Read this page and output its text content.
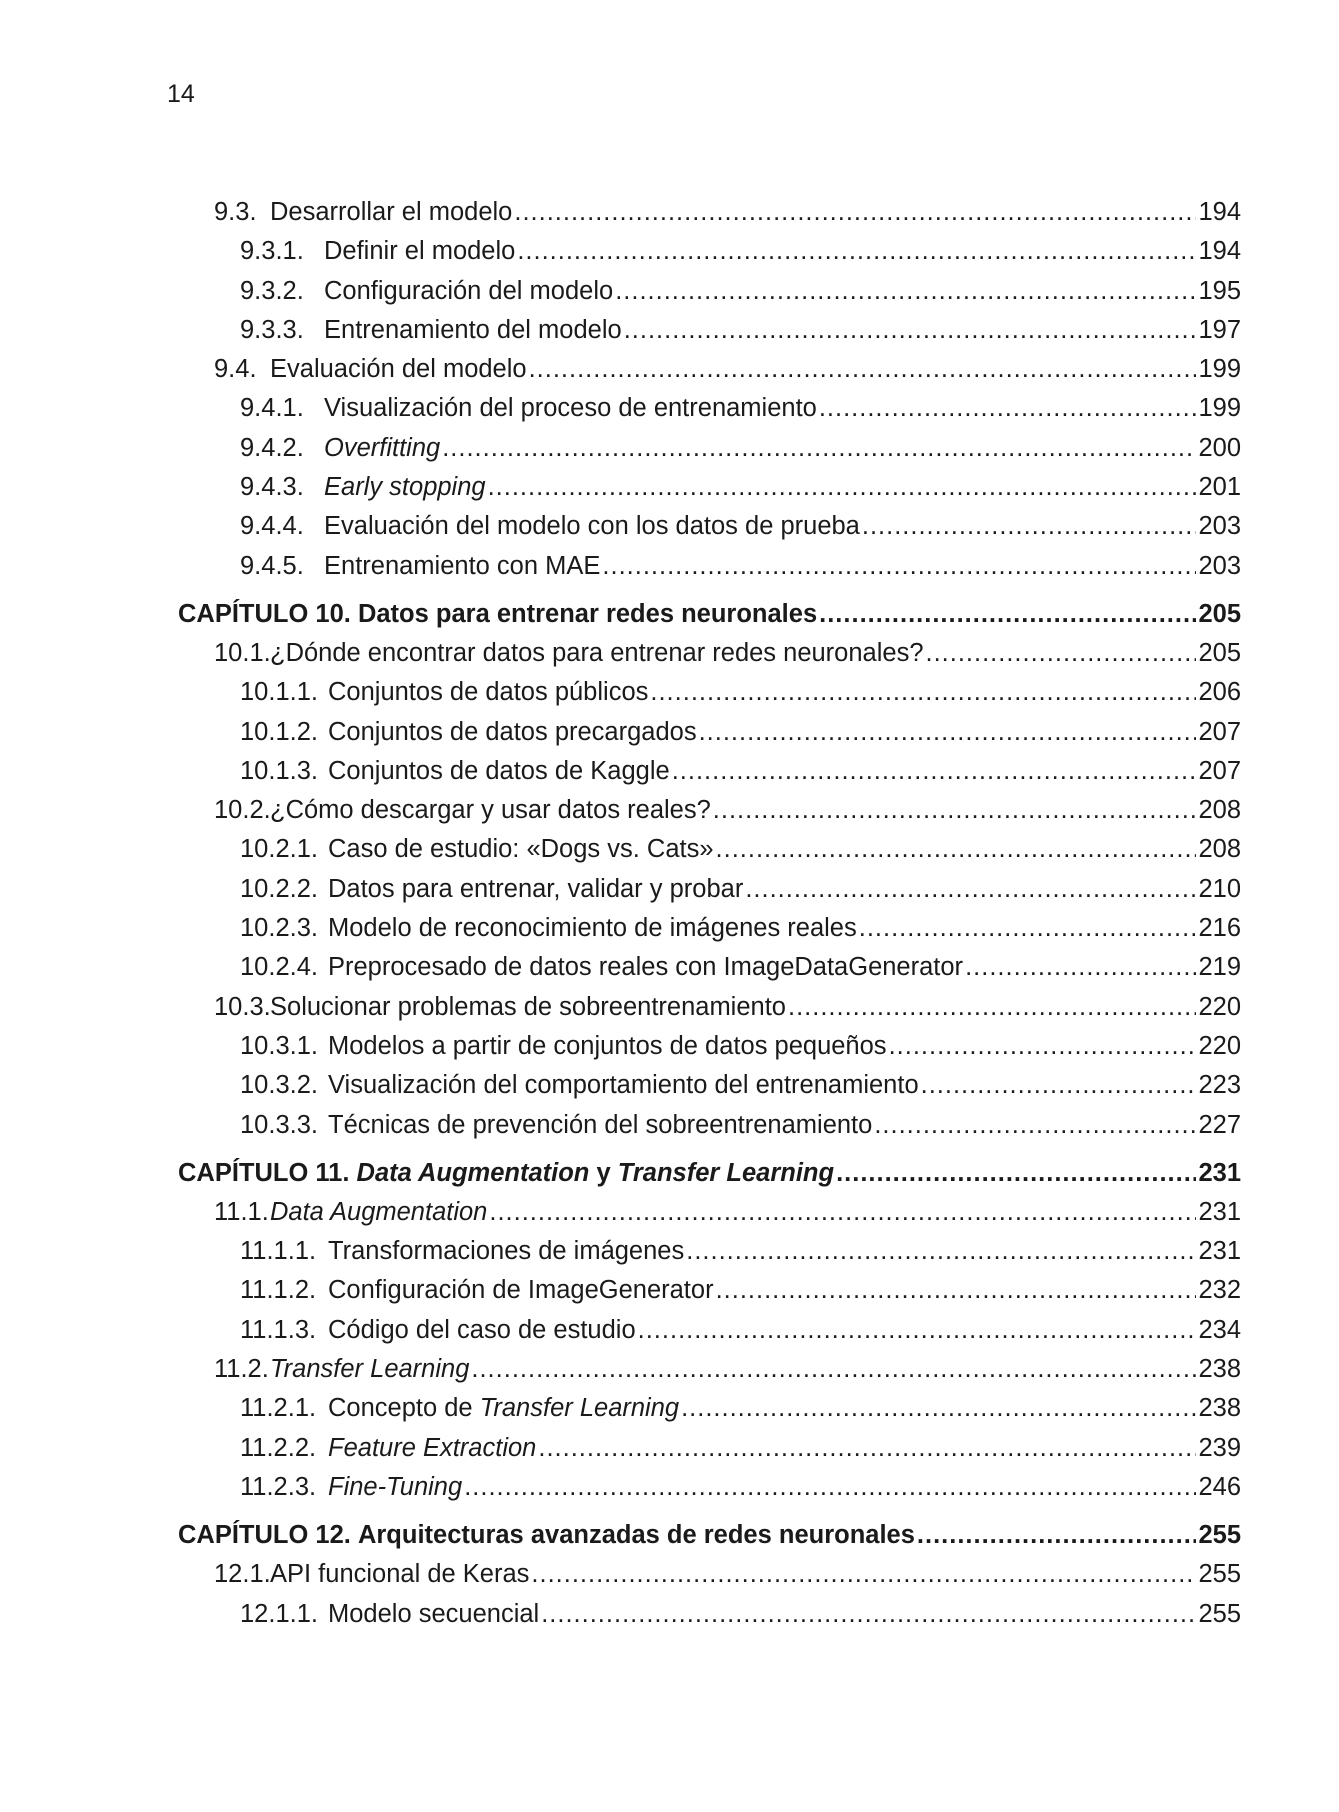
14
9.3. Desarrollar el modelo .....	194
9.3.1. Definir el modelo .....	194
9.3.2. Configuración del modelo .....	195
9.3.3. Entrenamiento del modelo .....	197
9.4. Evaluación del modelo .....	199
9.4.1. Visualización del proceso de entrenamiento .....	199
9.4.2. Overfitting .....	200
9.4.3. Early stopping .....	201
9.4.4. Evaluación del modelo con los datos de prueba .....	203
9.4.5. Entrenamiento con MAE .....	203
CAPÍTULO 10. Datos para entrenar redes neuronales .....	205
10.1. ¿Dónde encontrar datos para entrenar redes neuronales? .....	205
10.1.1. Conjuntos de datos públicos .....	206
10.1.2. Conjuntos de datos precargados .....	207
10.1.3. Conjuntos de datos de Kaggle .....	207
10.2. ¿Cómo descargar y usar datos reales? .....	208
10.2.1. Caso de estudio: «Dogs vs. Cats» .....	208
10.2.2. Datos para entrenar, validar y probar .....	210
10.2.3. Modelo de reconocimiento de imágenes reales .....	216
10.2.4. Preprocesado de datos reales con ImageDataGenerator .....	219
10.3. Solucionar problemas de sobreentrenamiento .....	220
10.3.1. Modelos a partir de conjuntos de datos pequeños .....	220
10.3.2. Visualización del comportamiento del entrenamiento .....	223
10.3.3. Técnicas de prevención del sobreentrenamiento .....	227
CAPÍTULO 11. Data Augmentation y Transfer Learning .....	231
11.1. Data Augmentation .....	231
11.1.1. Transformaciones de imágenes .....	231
11.1.2. Configuración de ImageGenerator .....	232
11.1.3. Código del caso de estudio .....	234
11.2. Transfer Learning .....	238
11.2.1. Concepto de Transfer Learning .....	238
11.2.2. Feature Extraction .....	239
11.2.3. Fine-Tuning .....	246
CAPÍTULO 12. Arquitecturas avanzadas de redes neuronales .....	255
12.1. API funcional de Keras .....	255
12.1.1. Modelo secuencial .....	255
